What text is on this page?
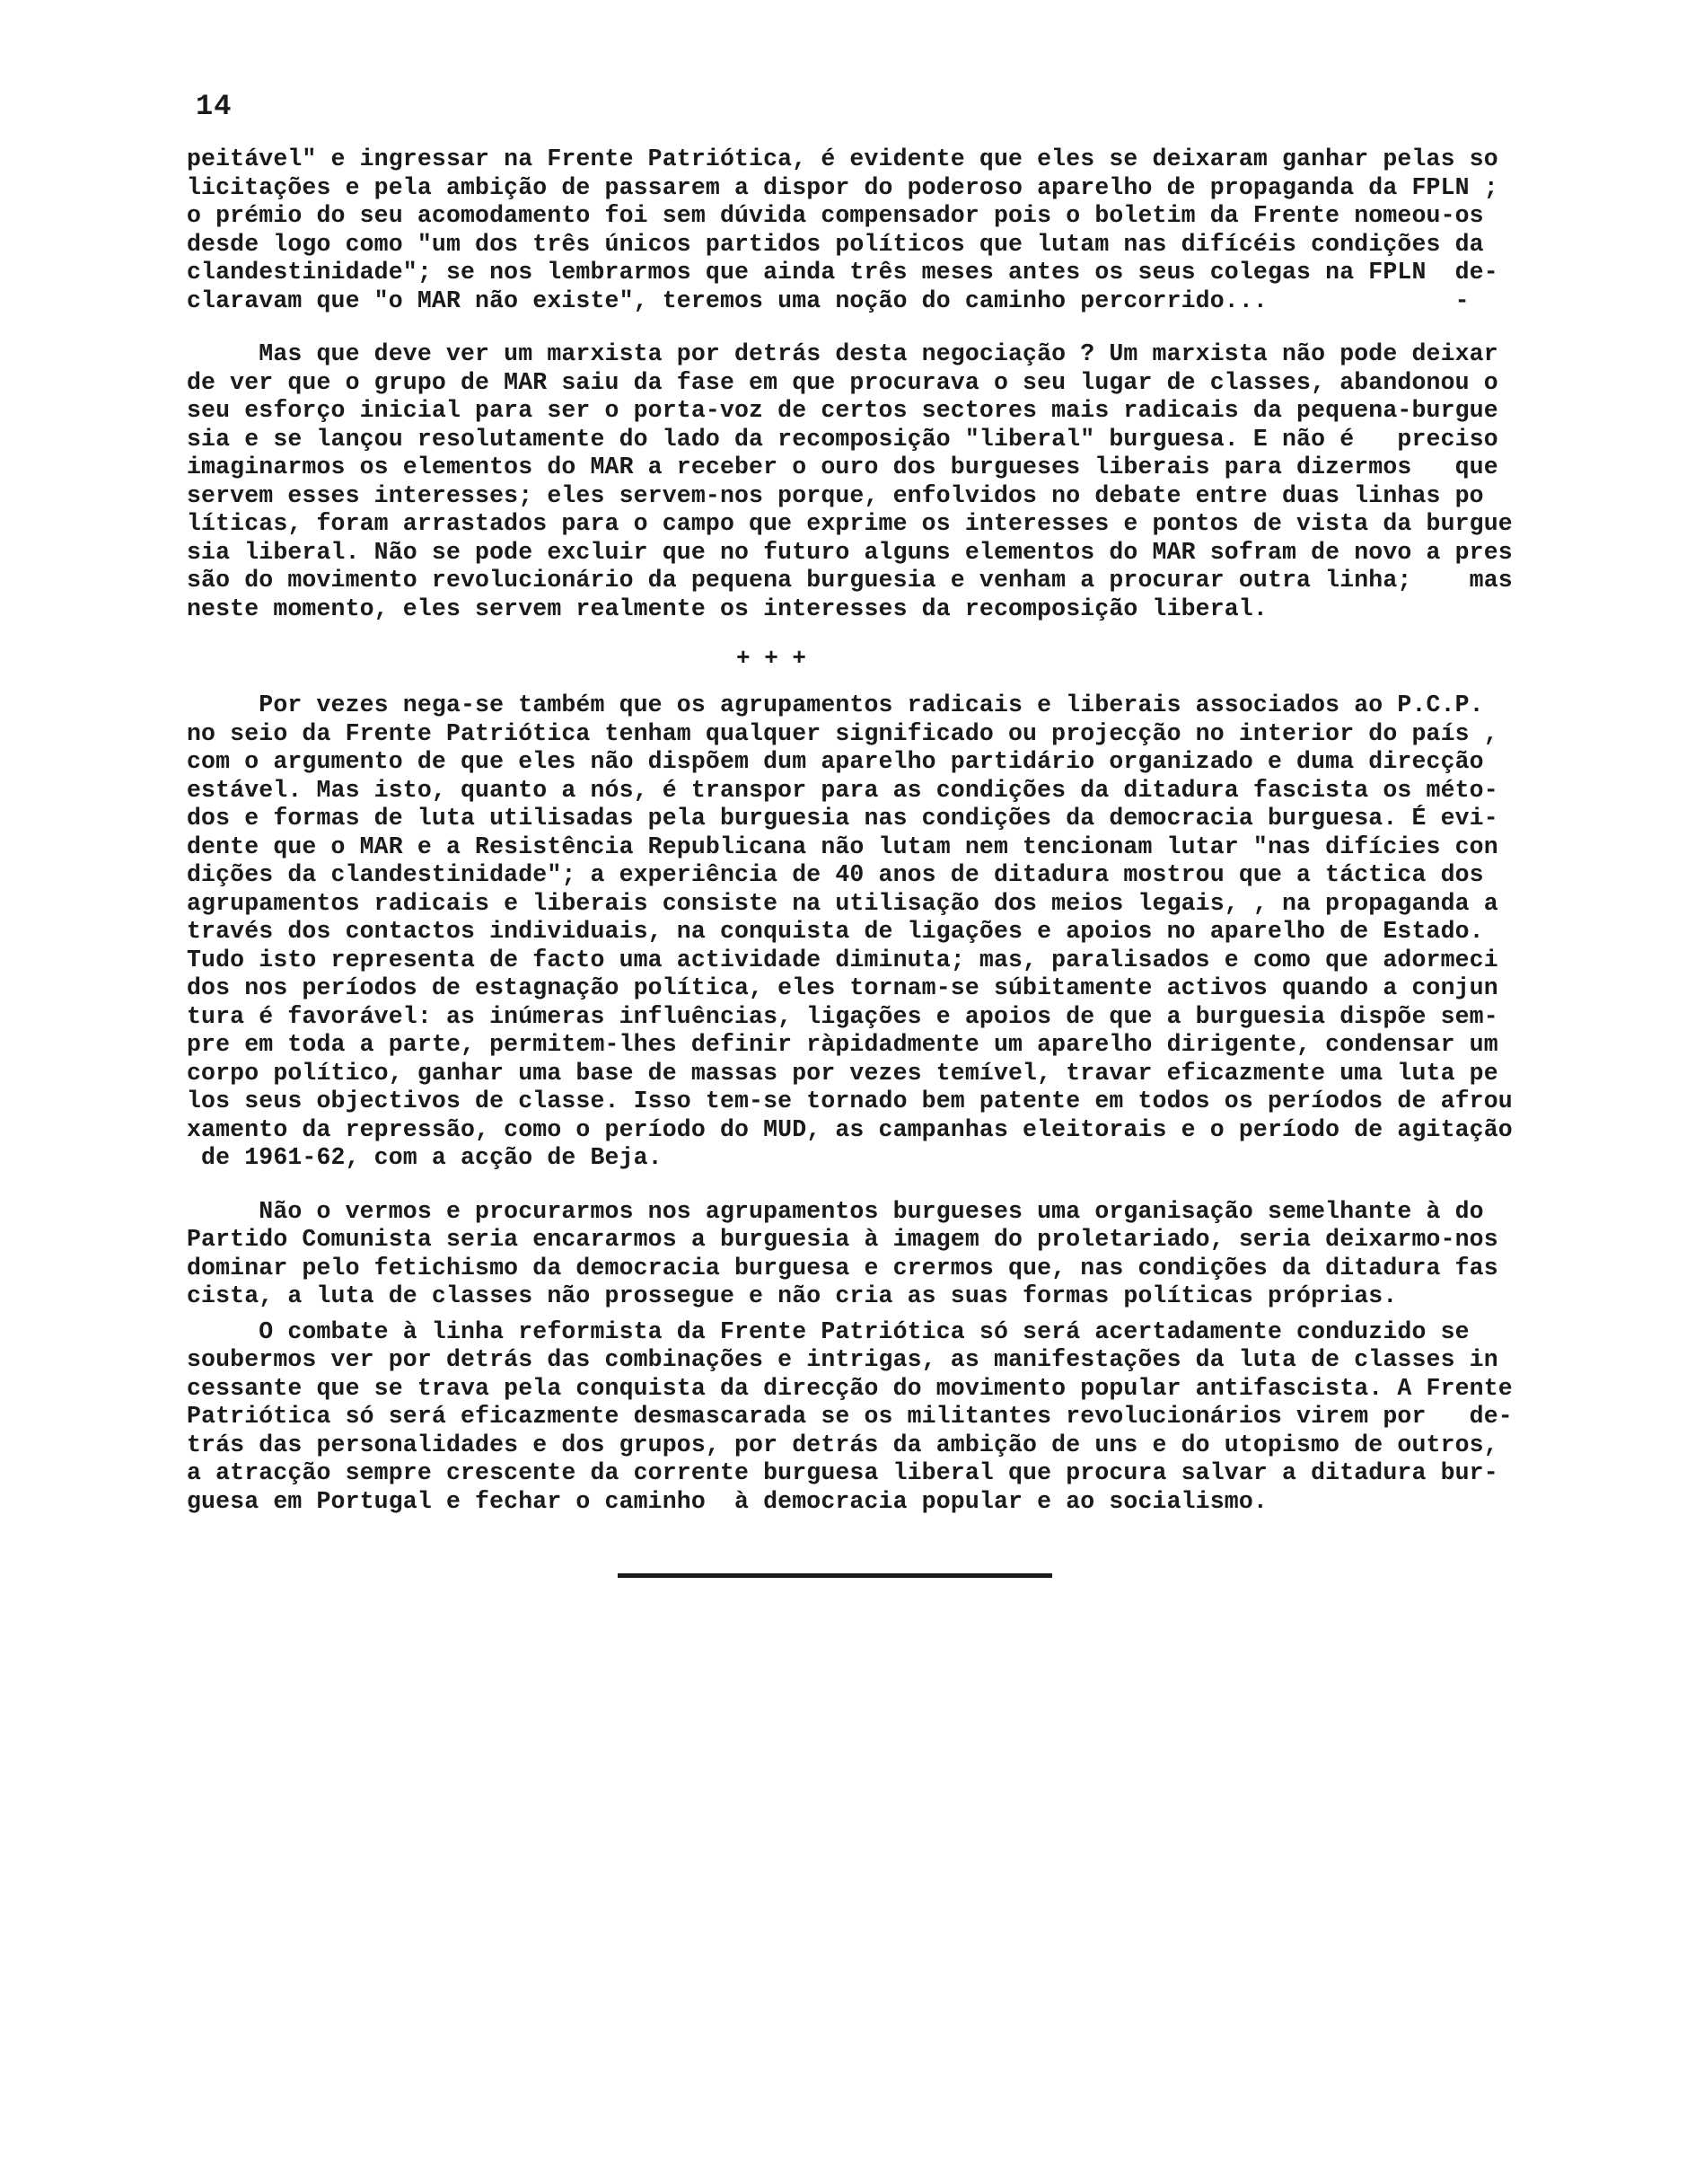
14
peitável" e ingressar na Frente Patriótica, é evidente que eles se deixaram ganhar pelas so
licitações e pela ambição de passarem a dispor do poderoso aparelho de propaganda da FPLN ;
o prémio do seu acomodamento foi sem dúvida compensador pois o boletim da Frente nomeou-os
desde logo como "um dos três únicos partidos políticos que lutam nas difícéis condições da
clandestinidade"; se nos lembrarmos que ainda três meses antes os seus colegas na FPLN  de-
claravam que "o MAR não existe", teremos uma noção do caminho percorrido...             -
Mas que deve ver um marxista por detrás desta negociação ? Um marxista não pode deixar
de ver que o grupo de MAR saiu da fase em que procurava o seu lugar de classes, abandonou o
seu esforço inicial para ser o porta-voz de certos sectores mais radicais da pequena-burgue
sia e se lançou resolutamente do lado da recomposição "liberal" burguesa. E não é   preciso
imaginarmos os elementos do MAR a receber o ouro dos burgueses liberais para dizermos   que
servem esses interesses; eles servem-nos porque, enfolvidos no debate entre duas linhas po
líticas, foram arrastados para o campo que exprime os interesses e pontos de vista da burgue
sia liberal. Não se pode excluir que no futuro alguns elementos do MAR sofram de novo a pres
são do movimento revolucionário da pequena burguesia e venham a procurar outra linha;    mas
neste momento, eles servem realmente os interesses da recomposição liberal.
+ + +
Por vezes nega-se também que os agrupamentos radicais e liberais associados ao P.C.P.
no seio da Frente Patriótica tenham qualquer significado ou projecção no interior do país ,
com o argumento de que eles não dispõem dum aparelho partidário organizado e duma direcção
estável. Mas isto, quanto a nós, é transpor para as condições da ditadura fascista os méto-
dos e formas de luta utilisadas pela burguesia nas condições da democracia burguesa. É evi-
dente que o MAR e a Resistência Republicana não lutam nem tencionam lutar "nas difícies con
dições da clandestinidade"; a experiência de 40 anos de ditadura mostrou que a táctica dos
agrupamentos radicais e liberais consiste na utilisação dos meios legais, , na propaganda a
través dos contactos individuais, na conquista de ligações e apoios no aparelho de Estado.
Tudo isto representa de facto uma actividade diminuta; mas, paralisados e como que adormeci
dos nos períodos de estagnação política, eles tornam-se súbitamente activos quando a conjun
tura é favorável: as inúmeras influências, ligações e apoios de que a burguesia dispõe sem-
pre em toda a parte, permitem-lhes definir ràpidadmente um aparelho dirigente, condensar um
corpo político, ganhar uma base de massas por vezes temível, travar eficazmente uma luta pe
los seus objectivos de classe. Isso tem-se tornado bem patente em todos os períodos de afrou
xamento da repressão, como o período do MUD, as campanhas eleitorais e o período de agitação
de 1961-62, com a acção de Beja.
Não o vermos e procurarmos nos agrupamentos burgueses uma organisação semelhante à do
Partido Comunista seria encararmos a burguesia à imagem do proletariado, seria deixarmo-nos
dominar pelo fetichismo da democracia burguesa e crermos que, nas condições da ditadura fas
cista, a luta de classes não prossegue e não cria as suas formas políticas próprias.
O combate à linha reformista da Frente Patriótica só será acertadamente conduzido se
soubermos ver por detrás das combinações e intrigas, as manifestações da luta de classes in
cessante que se trava pela conquista da direcção do movimento popular antifascista. A Frente
Patriótica só será eficazmente desmascarada se os militantes revolucionários virem por   de-
trás das personalidades e dos grupos, por detrás da ambição de uns e do utopismo de outros,
a atracção sempre crescente da corrente burguesa liberal que procura salvar a ditadura bur-
guesa em Portugal e fechar o caminho  à democracia popular e ao socialismo.
